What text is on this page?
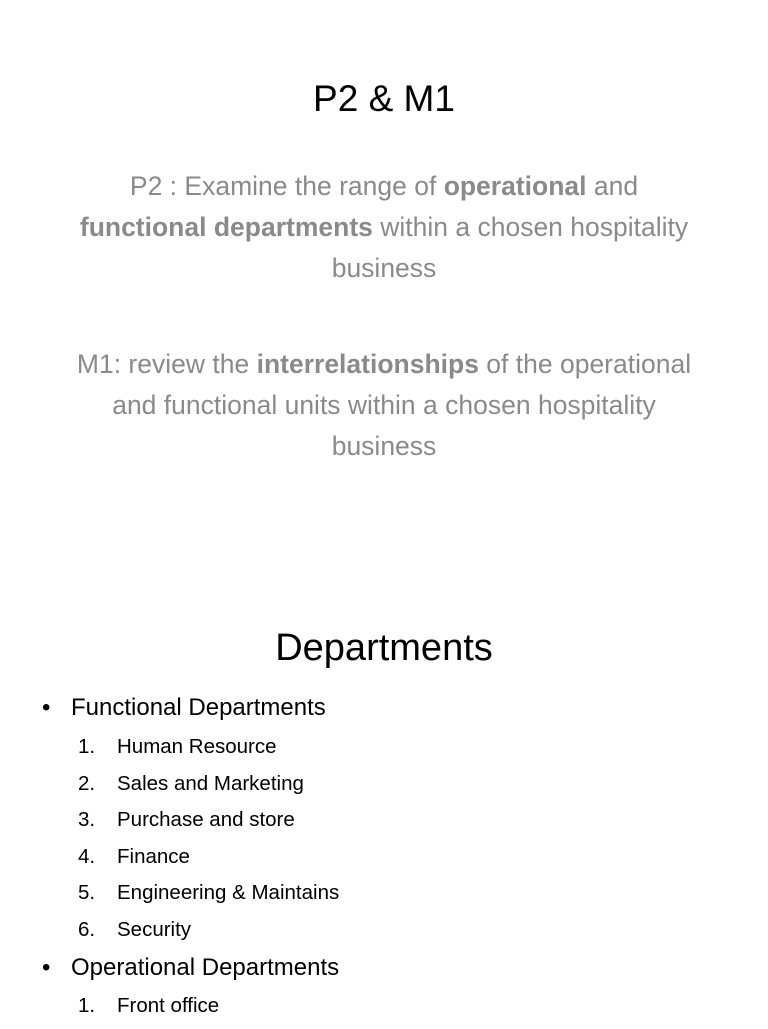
P2 & M1
P2 : Examine the range of operational and
functional departments within a chosen hospitality business
M1: review the interrelationships of the operational and functional units within a chosen hospitality business
Departments
• Functional Departments
1. Human Resource
2. Sales and Marketing
3. Purchase and store
4. Finance
5. Engineering & Maintains
6. Security
• Operational Departments
1. Front office
